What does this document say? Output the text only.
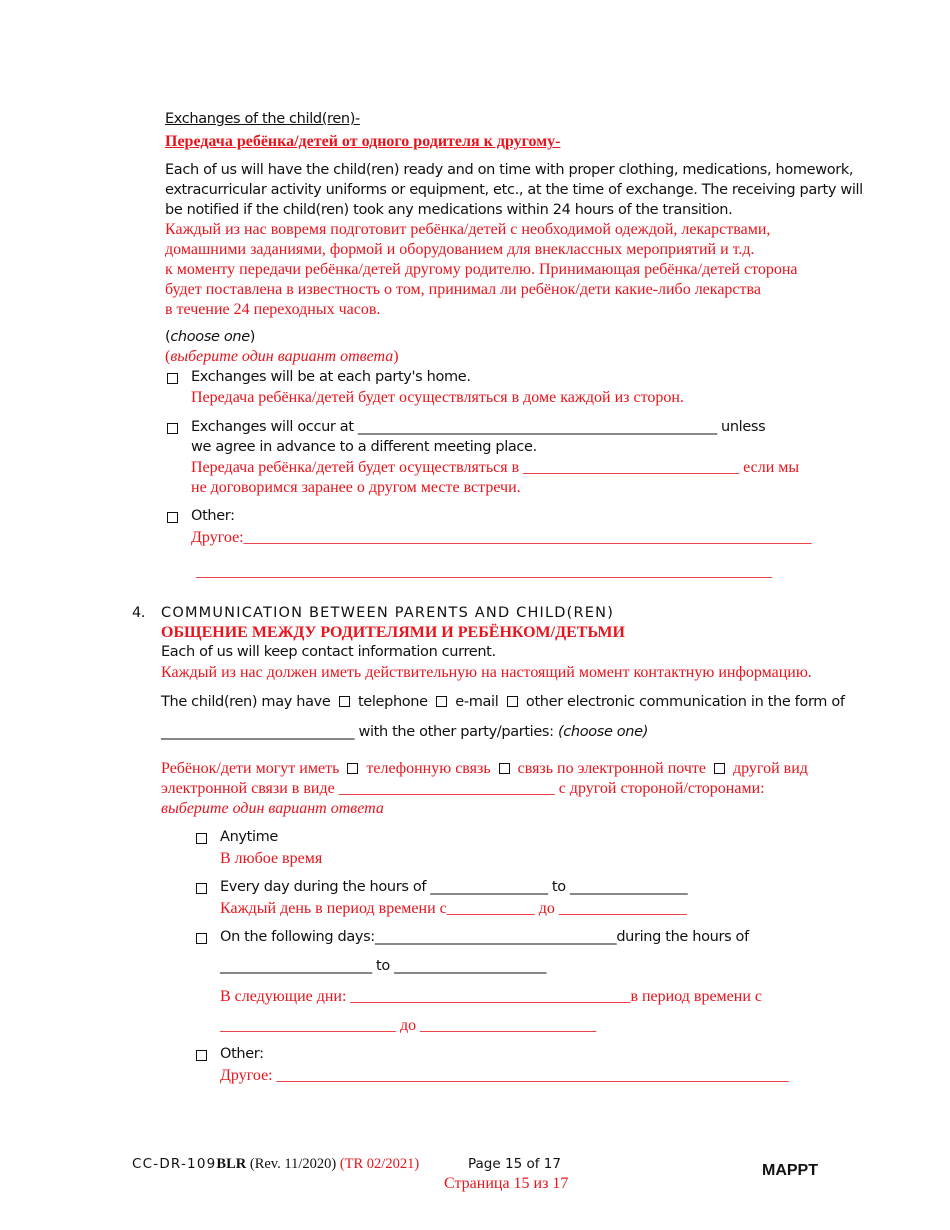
Exchanges of the child(ren)-
Передача ребёнка/детей от одного родителя к другому-
Each of us will have the child(ren) ready and on time with proper clothing, medications, homework,
extracurricular activity uniforms or equipment, etc., at the time of exchange. The receiving party will
be notified if the child(ren) took any medications within 24 hours of the transition.
Каждый из нас вовремя подготовит ребёнка/детей с необходимой одеждой, лекарствами,
домашними заданиями, формой и оборудованием для внеклассных мероприятий и т.д.
к моменту передачи ребёнка/детей другому родителю. Принимающая ребёнка/детей сторона
будет поставлена в известность о том, принимал ли ребёнок/дети какие-либо лекарства
в течение 24 переходных часов.
(choose one)
(выберите один вариант ответа)
Exchanges will be at each party's home.
Передача ребёнка/детей будет осуществляться в доме каждой из сторон.
Exchanges will occur at ____________________________________________________ unless
we agree in advance to a different meeting place.
Передача ребёнка/детей будет осуществляться в ___________________________ если мы
не договоримся заранее о другом месте встречи.
Other:
Другое:_______________________________________________________________________
________________________________________________________________________
4. COMMUNICATION BETWEEN PARENTS AND CHILD(REN)
ОБЩЕНИЕ МЕЖДУ РОДИТЕЛЯМИ И РЕБЁНКОМ/ДЕТЬМИ
Each of us will keep contact information current.
Каждый из нас должен иметь действительную на настоящий момент контактную информацию.
The child(ren) may have telephone e-mail other electronic communication in the form of
____________________________ with the other party/parties: (choose one)
Ребёнок/дети могут иметь телефонную связь связь по электронной почте другой вид
электронной связи в виде ___________________________ с другой стороной/сторонами:
выберите один вариант ответа
Anytime
В любое время
Every day during the hours of _________________ to _________________
Каждый день в период времени с___________ до ________________
On the following days:___________________________________during the hours of
______________________ to ______________________
В следующие дни: ___________________________________в период времени с
______________________ до ______________________
Other:
Другое: ________________________________________________________________
CC-DR-109BLR (Rev. 11/2020) (TR 02/2021)	Page 15 of 17
Страница 15 из 17
MAPPT
